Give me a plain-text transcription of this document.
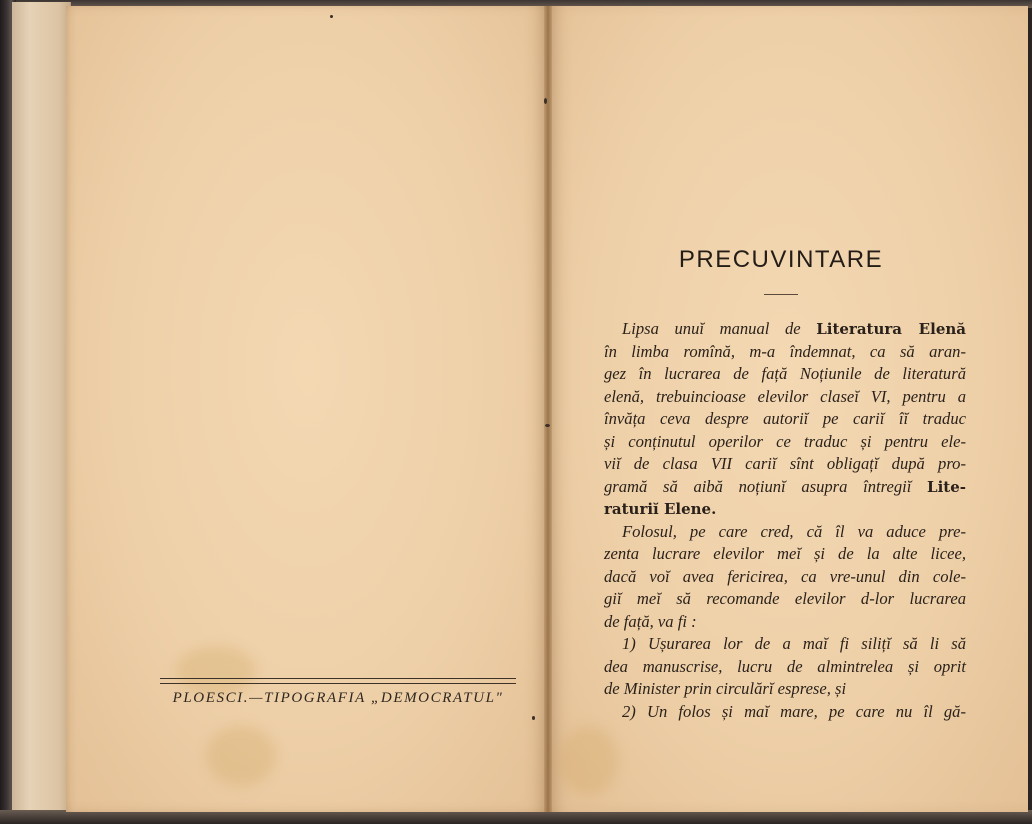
PLOESCI.—TIPOGRAFIA „DEMOCRATUL"
PRECUVINTARE
Lipsa unuĭ manual de Literatura Elenă
în limba romînă, m-a îndemnat, ca să aran-
gez în lucrarea de față Noțiunile de literatură
elenă, trebuincioase elevilor claseĭ VI, pentru a
învăța ceva despre autoriĭ pe cariĭ îĭ traduc
și conținutul operilor ce traduc și pentru ele-
viĭ de clasa VII cariĭ sînt obligațĭ după pro-
gramă să aibă noțiunĭ asupra întregiĭ Lite-
raturiĭ Elene.
Folosul, pe care cred, că îl va aduce pre-
zenta lucrare elevilor meĭ și de la alte licee,
dacă voĭ avea fericirea, ca vre-unul din cole-
giĭ meĭ să recomande elevilor d-lor lucrarea
de față, va fi :
1) Ușurarea lor de a maĭ fi silițĭ să li să
dea manuscrise, lucru de almintrelea și oprit
de Minister prin circulărĭ esprese, și
2) Un folos și maĭ mare, pe care nu îl gă-
